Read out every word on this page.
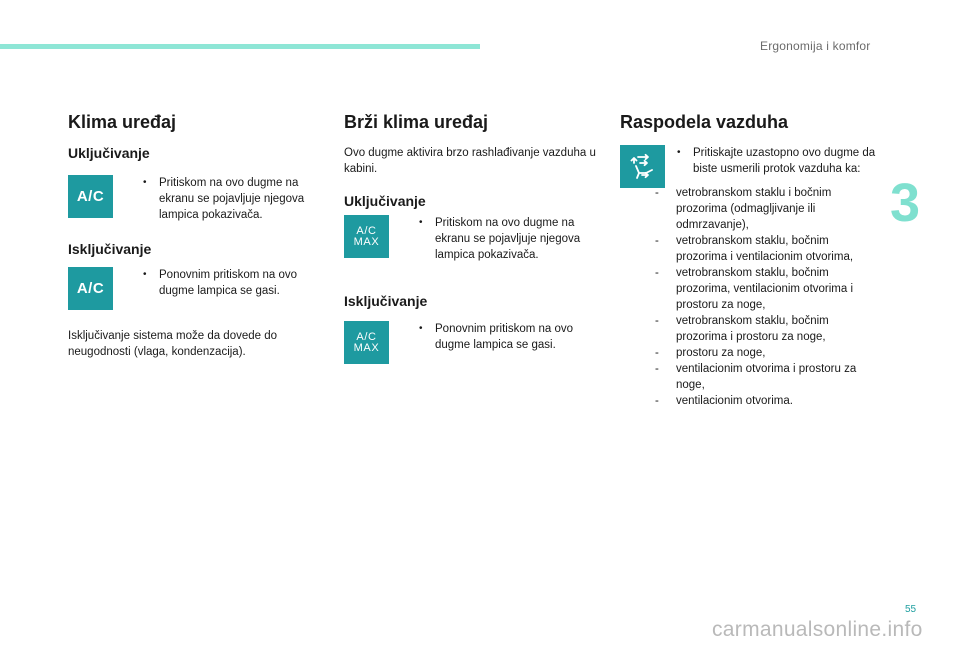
Ergonomija i komfor
3
Klima uređaj
Uključivanje
A/C
•	Pritiskom na ovo dugme na ekranu se pojavljuje njegova lampica pokazivača.
Isključivanje
A/C
•	Ponovnim pritiskom na ovo dugme lampica se gasi.

Isključivanje sistema može da dovede do neugodnosti (vlaga, kondenzacija).

Brži klima uređaj

Ovo dugme aktivira brzo rashlađivanje vazduha u kabini.

Uključivanje
A/C
MAX
•	Pritiskom na ovo dugme na ekranu se pojavljuje njegova lampica pokazivača.
Isključivanje
A/C
MAX
•	Ponovnim pritiskom na ovo dugme lampica se gasi.
Raspodela vazduha
•	Pritiskajte uzastopno ovo dugme da biste usmerili protok vazduha ka:
-	vetrobranskom staklu i bočnim prozorima (odmagljivanje ili odmrzavanje),
-	vetrobranskom staklu, bočnim prozorima i ventilacionim otvorima,
-	vetrobranskom staklu, bočnim prozorima, ventilacionim otvorima i prostoru za noge,
-	vetrobranskom staklu, bočnim prozorima i prostoru za noge,
-	prostoru za noge,
-	ventilacionim otvorima i prostoru za noge,
-	ventilacionim otvorima.
55
carmanualsonline.info
